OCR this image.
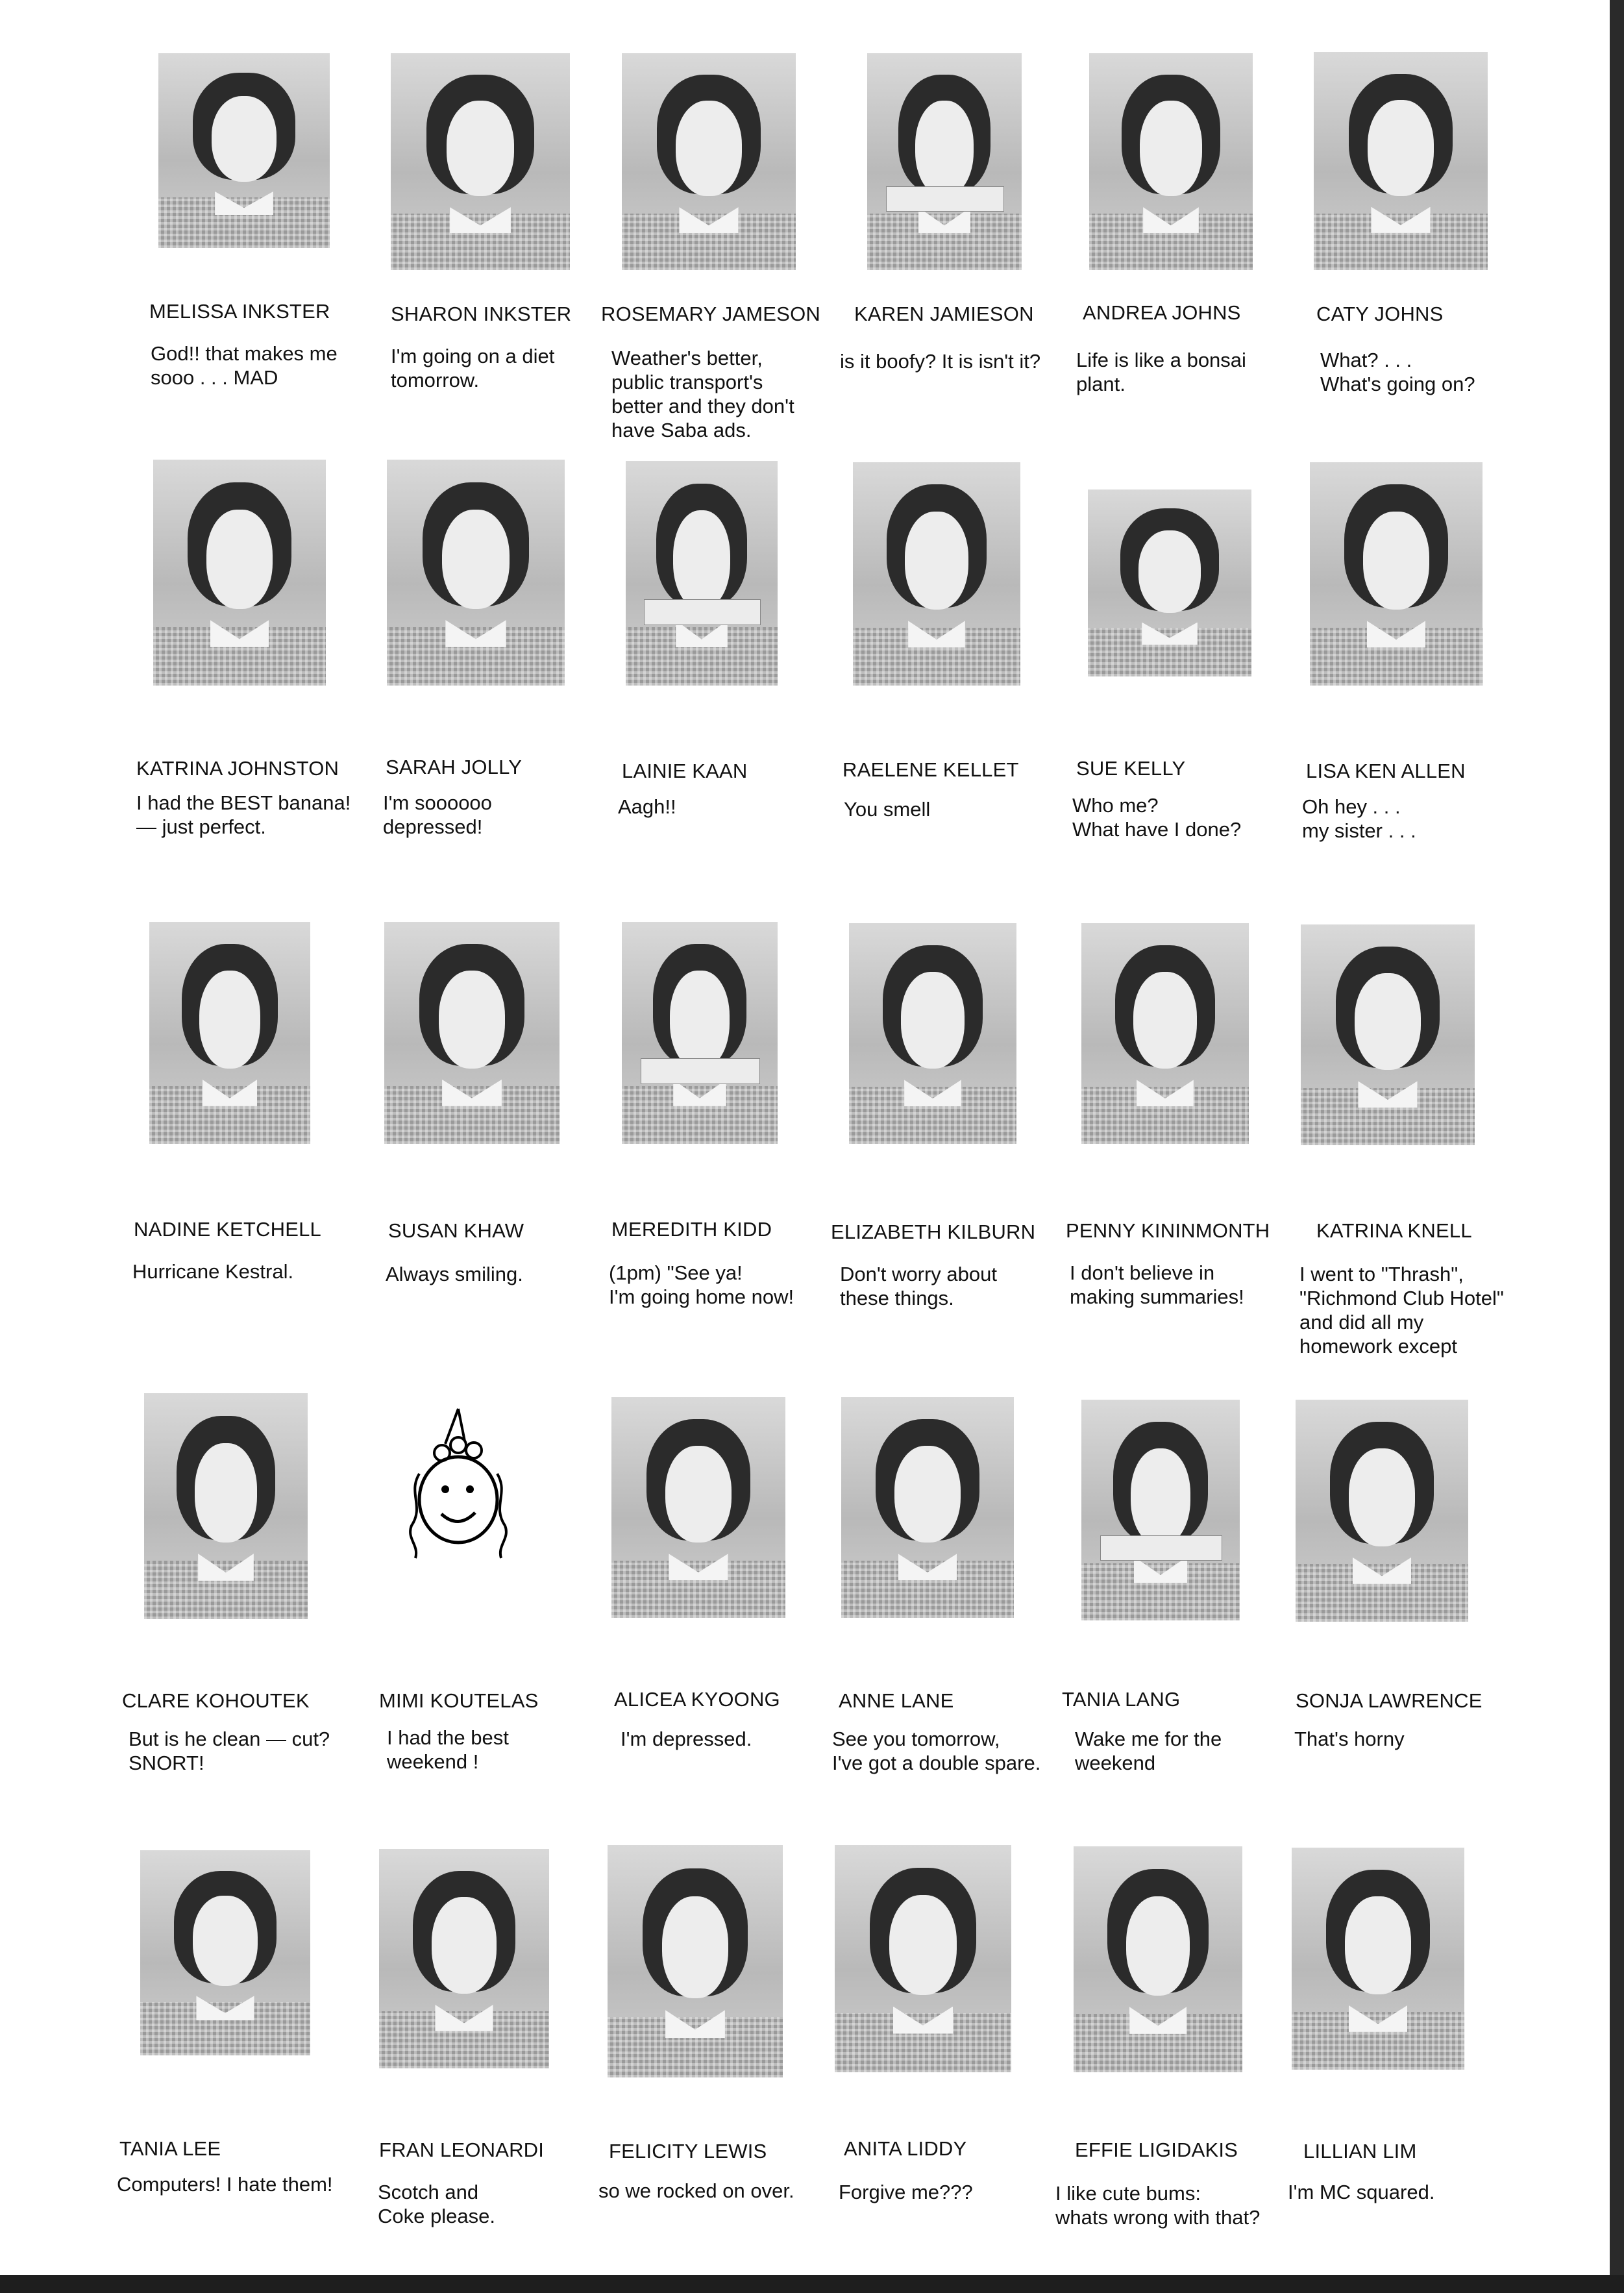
MELISSA INKSTER
God!! that makes me
sooo . . . MAD
SHARON INKSTER
I'm going on a diet
tomorrow.
ROSEMARY JAMESON
Weather's better,
public transport's
better and they don't
have Saba ads.
KAREN JAMIESON
is it boofy? It is isn't it?
ANDREA JOHNS
Life is like a bonsai
plant.
CATY JOHNS
What? . . .
What's going on?
KATRINA JOHNSTON
I had the BEST banana!
— just perfect.
SARAH JOLLY
I'm soooooo
depressed!
LAINIE KAAN
Aagh!!
RAELENE KELLET
You smell
SUE KELLY
Who me?
What have I done?
LISA KEN ALLEN
Oh hey . . .
my sister . . .
NADINE KETCHELL
Hurricane Kestral.
SUSAN KHAW
Always smiling.
MEREDITH KIDD
(1pm) "See ya!
I'm going home now!
ELIZABETH KILBURN
Don't worry about
these things.
PENNY KININMONTH
I don't believe in
making summaries!
KATRINA KNELL
I went to "Thrash",
"Richmond Club Hotel"
and did all my
homework except
CLARE KOHOUTEK
But is he clean — cut?
SNORT!
MIMI KOUTELAS
I had the best
weekend !
ALICEA KYOONG
I'm depressed.
ANNE LANE
See you tomorrow,
I've got a double spare.
TANIA LANG
Wake me for the
weekend
SONJA LAWRENCE
That's horny
TANIA LEE
Computers! I hate them!
FRAN LEONARDI
Scotch and
Coke please.
FELICITY LEWIS
so we rocked on over.
ANITA LIDDY
Forgive me???
EFFIE LIGIDAKIS
I like cute bums:
whats wrong with that?
LILLIAN LIM
I'm MC squared.
